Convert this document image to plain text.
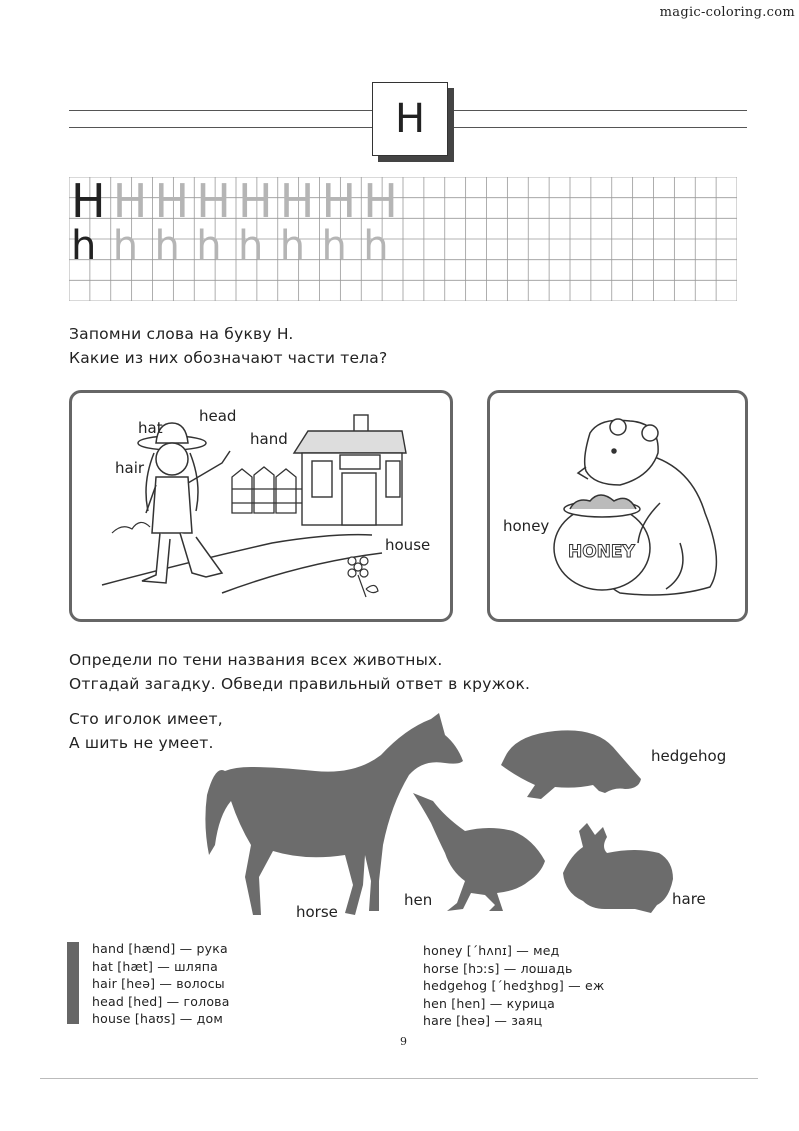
magic-coloring.com
H
H H H H H H H H
h h h h h h h h
Запомни слова на букву H.
Какие из них обозначают части тела?
hat
head
hand
hair
house	HONEY
honey
Определи по тени названия всех животных.
Отгадай загадку. Обведи правильный ответ в кружок.
Сто иголок имеет,
А шить не умеет.
horse
hen
hedgehog
hare
hand [hænd] — рука
hat [hæt] — шляпа
hair [heə] — волосы
head [hed] — голова
house [haʊs] — дом
honey [´hʌnɪ] — мед
horse [hɔːs] — лошадь
hedgehog [´hedʒhɒg] — еж
hen [hen] — курица
hare [heə] — заяц
9
